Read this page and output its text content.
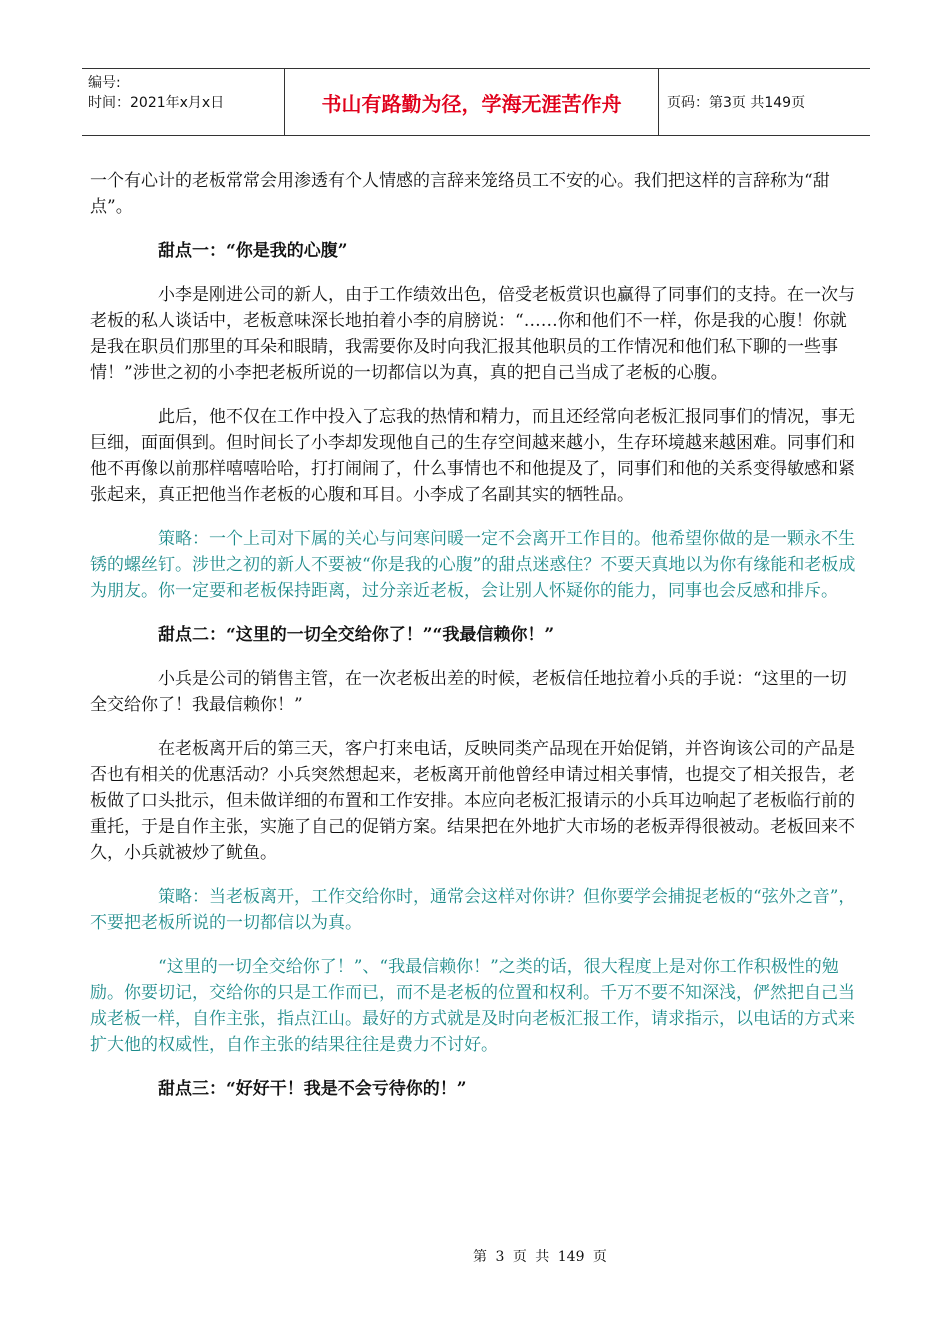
编号:
时间：2021年x月x日	书山有路勤为径，学海无涯苦作舟	页码：第3页 共149页

一个有心计的老板常常会用渗透有个人情感的言辞来笼络员工不安的心。我们把这样的言辞称为“甜点”。

甜点一：“你是我的心腹”

小李是刚进公司的新人，由于工作绩效出色，倍受老板赏识也赢得了同事们的支持。在一次与老板的私人谈话中，老板意味深长地拍着小李的肩膀说：“……你和他们不一样，你是我的心腹！你就是我在职员们那里的耳朵和眼睛，我需要你及时向我汇报其他职员的工作情况和他们私下聊的一些事情！”涉世之初的小李把老板所说的一切都信以为真，真的把自己当成了老板的心腹。

此后，他不仅在工作中投入了忘我的热情和精力，而且还经常向老板汇报同事们的情况，事无巨细，面面俱到。但时间长了小李却发现他自己的生存空间越来越小，生存环境越来越困难。同事们和他不再像以前那样嘻嘻哈哈，打打闹闹了，什么事情也不和他提及了，同事们和他的关系变得敏感和紧张起来，真正把他当作老板的心腹和耳目。小李成了名副其实的牺牲品。

策略：一个上司对下属的关心与问寒问暖一定不会离开工作目的。他希望你做的是一颗永不生锈的螺丝钉。涉世之初的新人不要被“你是我的心腹”的甜点迷惑住？不要天真地以为你有缘能和老板成为朋友。你一定要和老板保持距离，过分亲近老板，会让别人怀疑你的能力，同事也会反感和排斥。

甜点二：“这里的一切全交给你了！”“我最信赖你！”

小兵是公司的销售主管，在一次老板出差的时候，老板信任地拉着小兵的手说：“这里的一切全交给你了！我最信赖你！”

在老板离开后的第三天，客户打来电话，反映同类产品现在开始促销，并咨询该公司的产品是否也有相关的优惠活动？小兵突然想起来，老板离开前他曾经申请过相关事情，也提交了相关报告，老板做了口头批示，但未做详细的布置和工作安排。本应向老板汇报请示的小兵耳边响起了老板临行前的重托，于是自作主张，实施了自己的促销方案。结果把在外地扩大市场的老板弄得很被动。老板回来不久，小兵就被炒了鱿鱼。

策略：当老板离开，工作交给你时，通常会这样对你讲？但你要学会捕捉老板的“弦外之音”，不要把老板所说的一切都信以为真。

“这里的一切全交给你了！”、“我最信赖你！”之类的话，很大程度上是对你工作积极性的勉励。你要切记，交给你的只是工作而已，而不是老板的位置和权利。千万不要不知深浅，俨然把自己当成老板一样，自作主张，指点江山。最好的方式就是及时向老板汇报工作，请求指示，以电话的方式来扩大他的权威性，自作主张的结果往往是费力不讨好。

甜点三：“好好干！我是不会亏待你的！”

第 3 页 共 149 页
